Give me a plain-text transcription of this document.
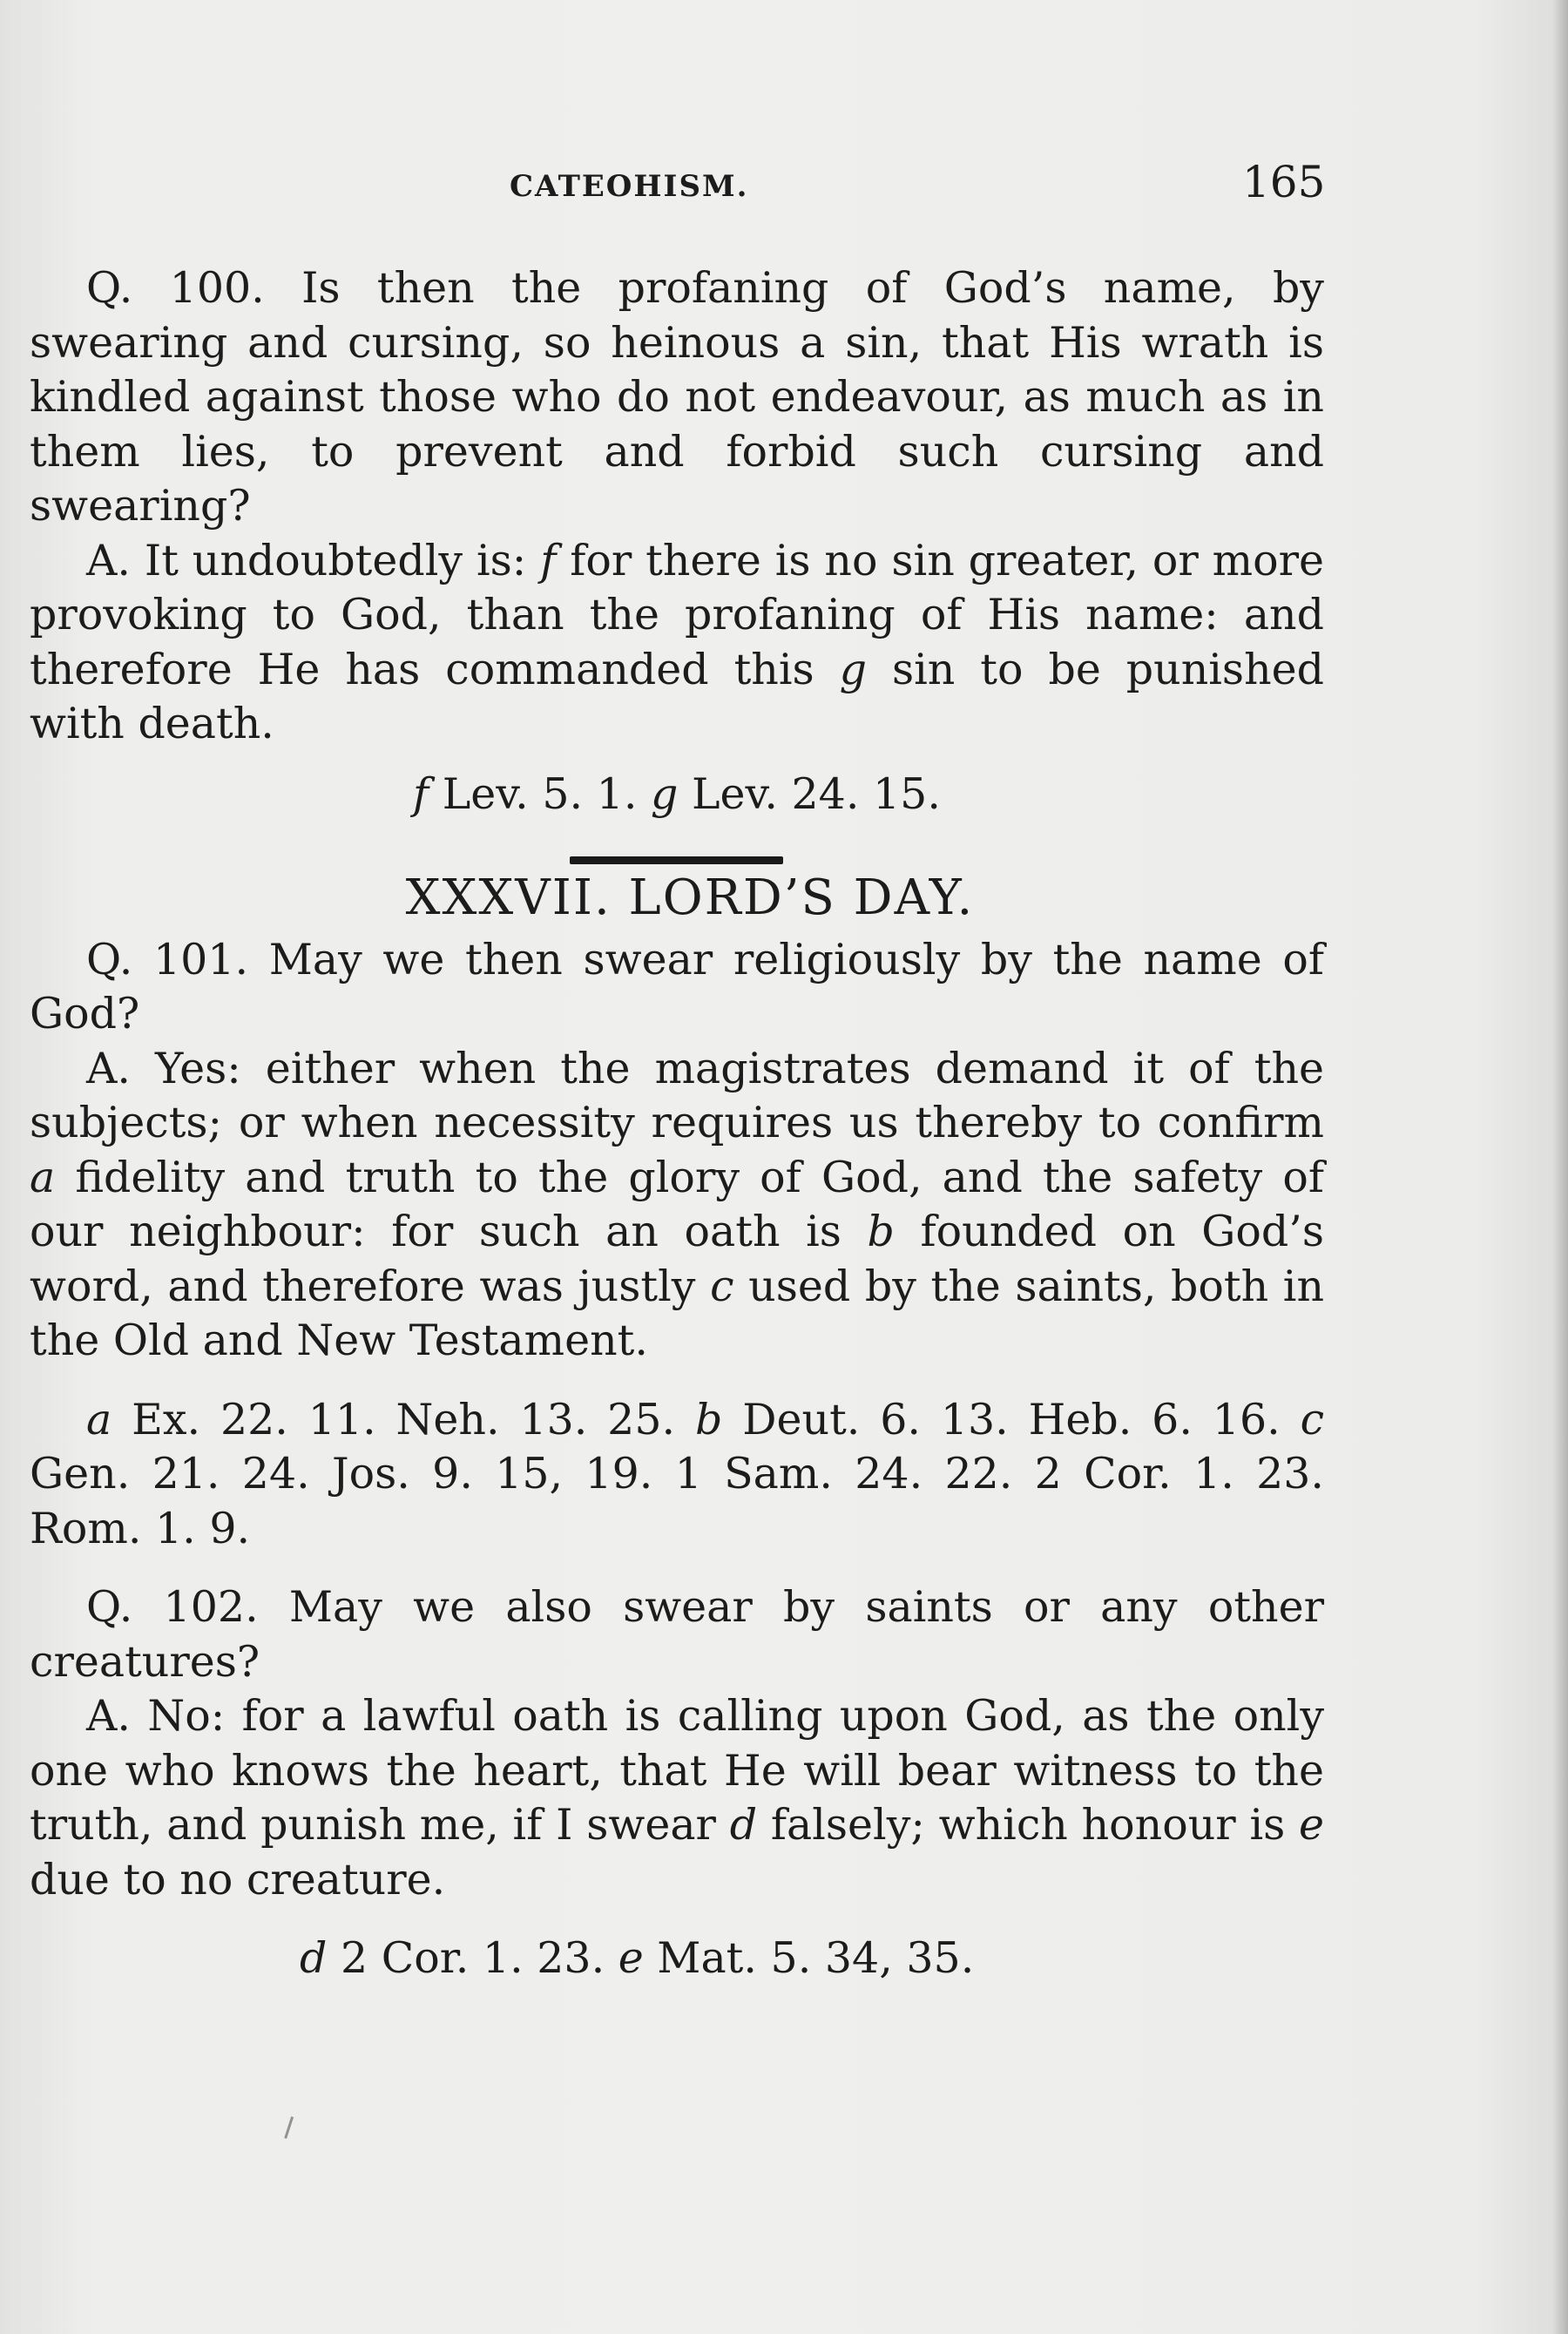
CATEOHISM.	165

Q. 100. Is then the profaning of God’s name, by swearing and cursing, so heinous a sin, that His wrath is kindled against those who do not endeavour, as much as in them lies, to prevent and forbid such cursing and swearing?

A. It undoubtedly is: f for there is no sin greater, or more provoking to God, than the profaning of His name: and therefore He has commanded this g sin to be punished with death.

f Lev. 5. 1. g Lev. 24. 15.

XXXVII. LORD’S DAY.

Q. 101. May we then swear religiously by the name of God?

A. Yes: either when the magistrates demand it of the subjects; or when necessity requires us thereby to confirm a fidelity and truth to the glory of God, and the safety of our neighbour: for such an oath is b founded on God’s word, and therefore was justly c used by the saints, both in the Old and New Testament.

a Ex. 22. 11. Neh. 13. 25. b Deut. 6. 13. Heb. 6. 16. c Gen. 21. 24. Jos. 9. 15, 19. 1 Sam. 24. 22. 2 Cor. 1. 23. Rom. 1. 9.

Q. 102. May we also swear by saints or any other creatures?

A. No: for a lawful oath is calling upon God, as the only one who knows the heart, that He will bear witness to the truth, and punish me, if I swear d falsely; which honour is e due to no creature.

d 2 Cor. 1. 23. e Mat. 5. 34, 35.
